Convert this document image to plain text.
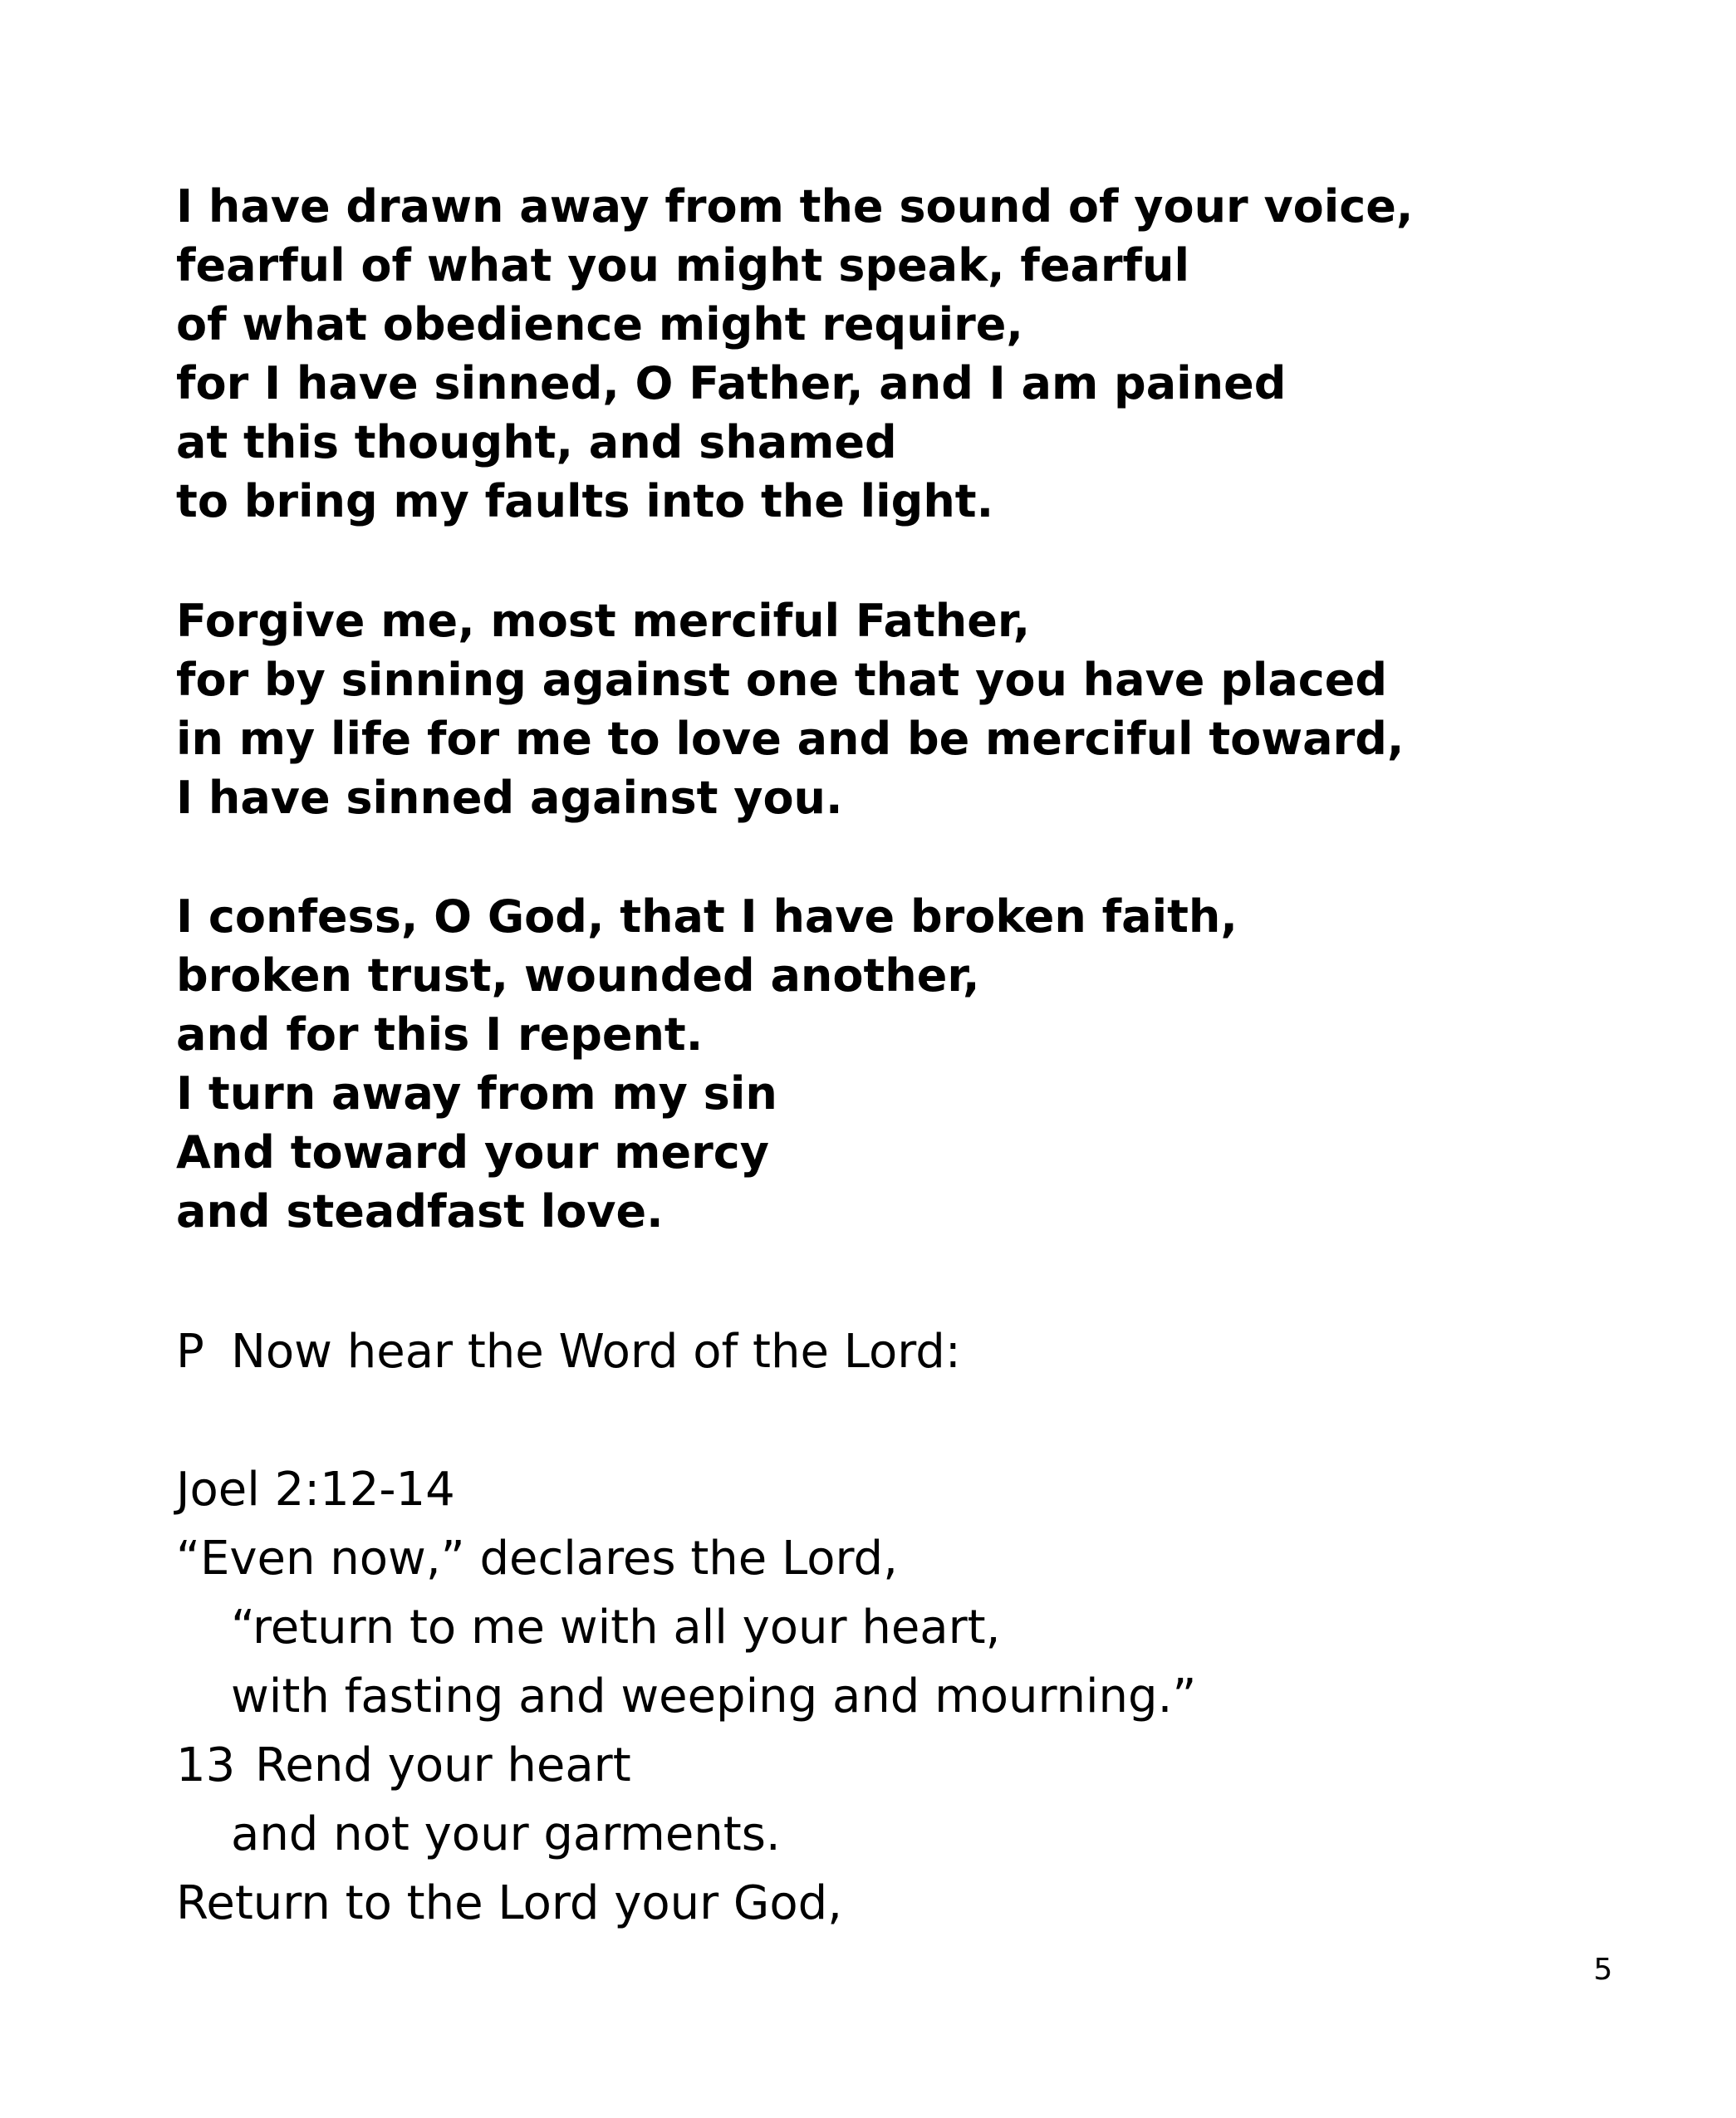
I have drawn away from the sound of your voice,
fearful of what you might speak, fearful
of what obedience might require,
for I have sinned, O Father, and I am pained
at this thought, and shamed
to bring my faults into the light.
Forgive me, most merciful Father,
for by sinning against one that you have placed
in my life for me to love and be merciful toward,
I have sinned against you.
I confess, O God, that I have broken faith,
broken trust, wounded another,
and for this I repent.
I turn away from my sin
And toward your mercy
and steadfast love.
P Now hear the Word of the Lord:
Joel 2:12-14
“Even now,” declares the Lord,
“return to me with all your heart,
with fasting and weeping and mourning.”
13 Rend your heart
and not your garments.
Return to the Lord your God,
5
